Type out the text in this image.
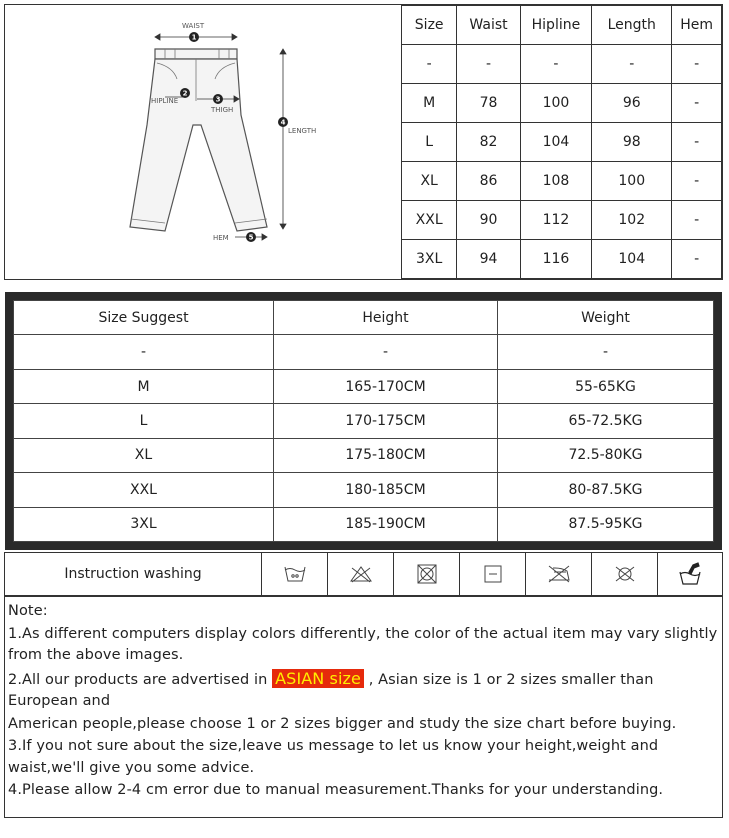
WAIST
HIPLINE
THIGH
LENGTH
HEM
1
2
3
4
5
Size	Waist	Hipline	Length	Hem
-	-	-	-	-
M	78	100	96	-
L	82	104	98	-
XL	86	108	100	-
XXL	90	112	102	-
3XL	94	116	104	-
Size Suggest	Height	Weight
-	-	-
M	165-170CM	55-65KG
L	170-175CM	65-72.5KG
XL	175-180CM	72.5-80KG
XXL	180-185CM	80-87.5KG
3XL	185-190CM	87.5-95KG
Instruction washing

Note:

1.As different computers display colors differently, the color of the actual item may vary slightly from the above images.

2.All our products are advertised in ASIAN size , Asian size is 1 or 2 sizes smaller than European and

American people,please choose 1 or 2 sizes bigger and study the size chart before buying.

3.If you not sure about the size,leave us message to let us know your height,weight and waist,we'll give you some advice.

4.Please allow 2-4 cm error due to manual measurement.Thanks for your understanding.
